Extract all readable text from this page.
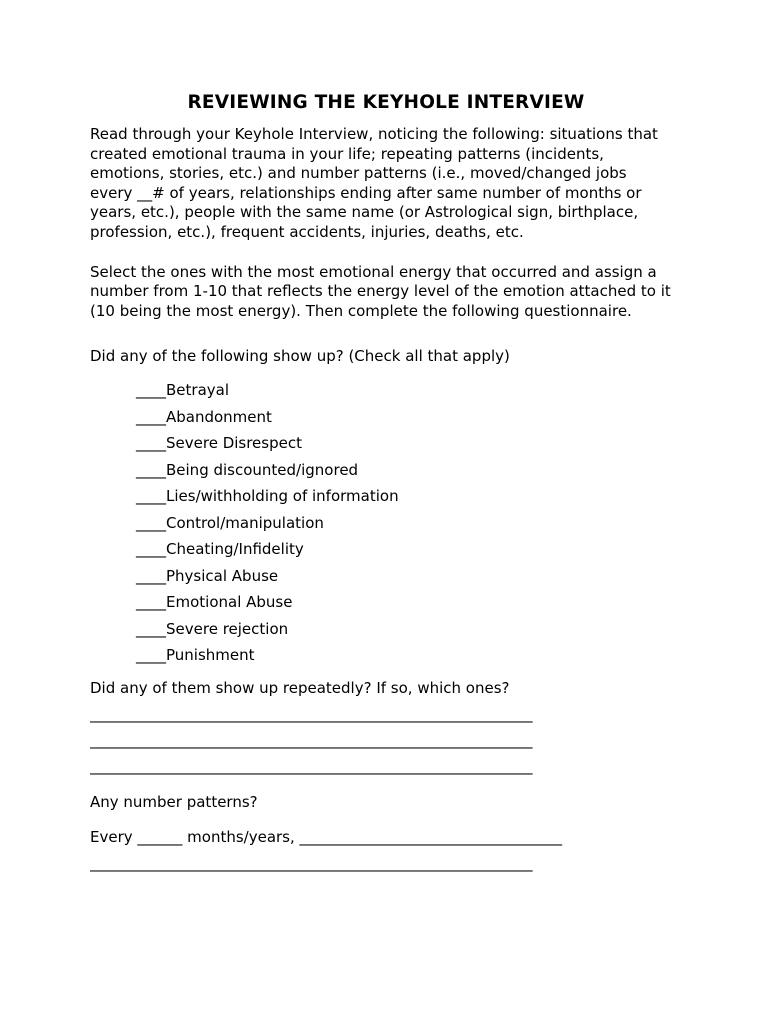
REVIEWING THE KEYHOLE INTERVIEW

Read through your Keyhole Interview, noticing the following: situations that
created emotional trauma in your life; repeating patterns (incidents,
emotions, stories, etc.) and number patterns (i.e., moved/changed jobs
every __# of years, relationships ending after same number of months or
years, etc.), people with the same name (or Astrological sign, birthplace,
profession, etc.), frequent accidents, injuries, deaths, etc.

Select the ones with the most emotional energy that occurred and assign a
number from 1-10 that reflects the energy level of the emotion attached to it
(10 being the most energy). Then complete the following questionnaire.

Did any of the following show up? (Check all that apply)

____Betrayal
____Abandonment
____Severe Disrespect
____Being discounted/ignored
____Lies/withholding of information
____Control/manipulation
____Cheating/Infidelity
____Physical Abuse
____Emotional Abuse
____Severe rejection
____Punishment

Did any of them show up repeatedly? If so, which ones?

___________________________________________________________
___________________________________________________________
___________________________________________________________

Any number patterns?

Every ______ months/years, ___________________________________
___________________________________________________________
